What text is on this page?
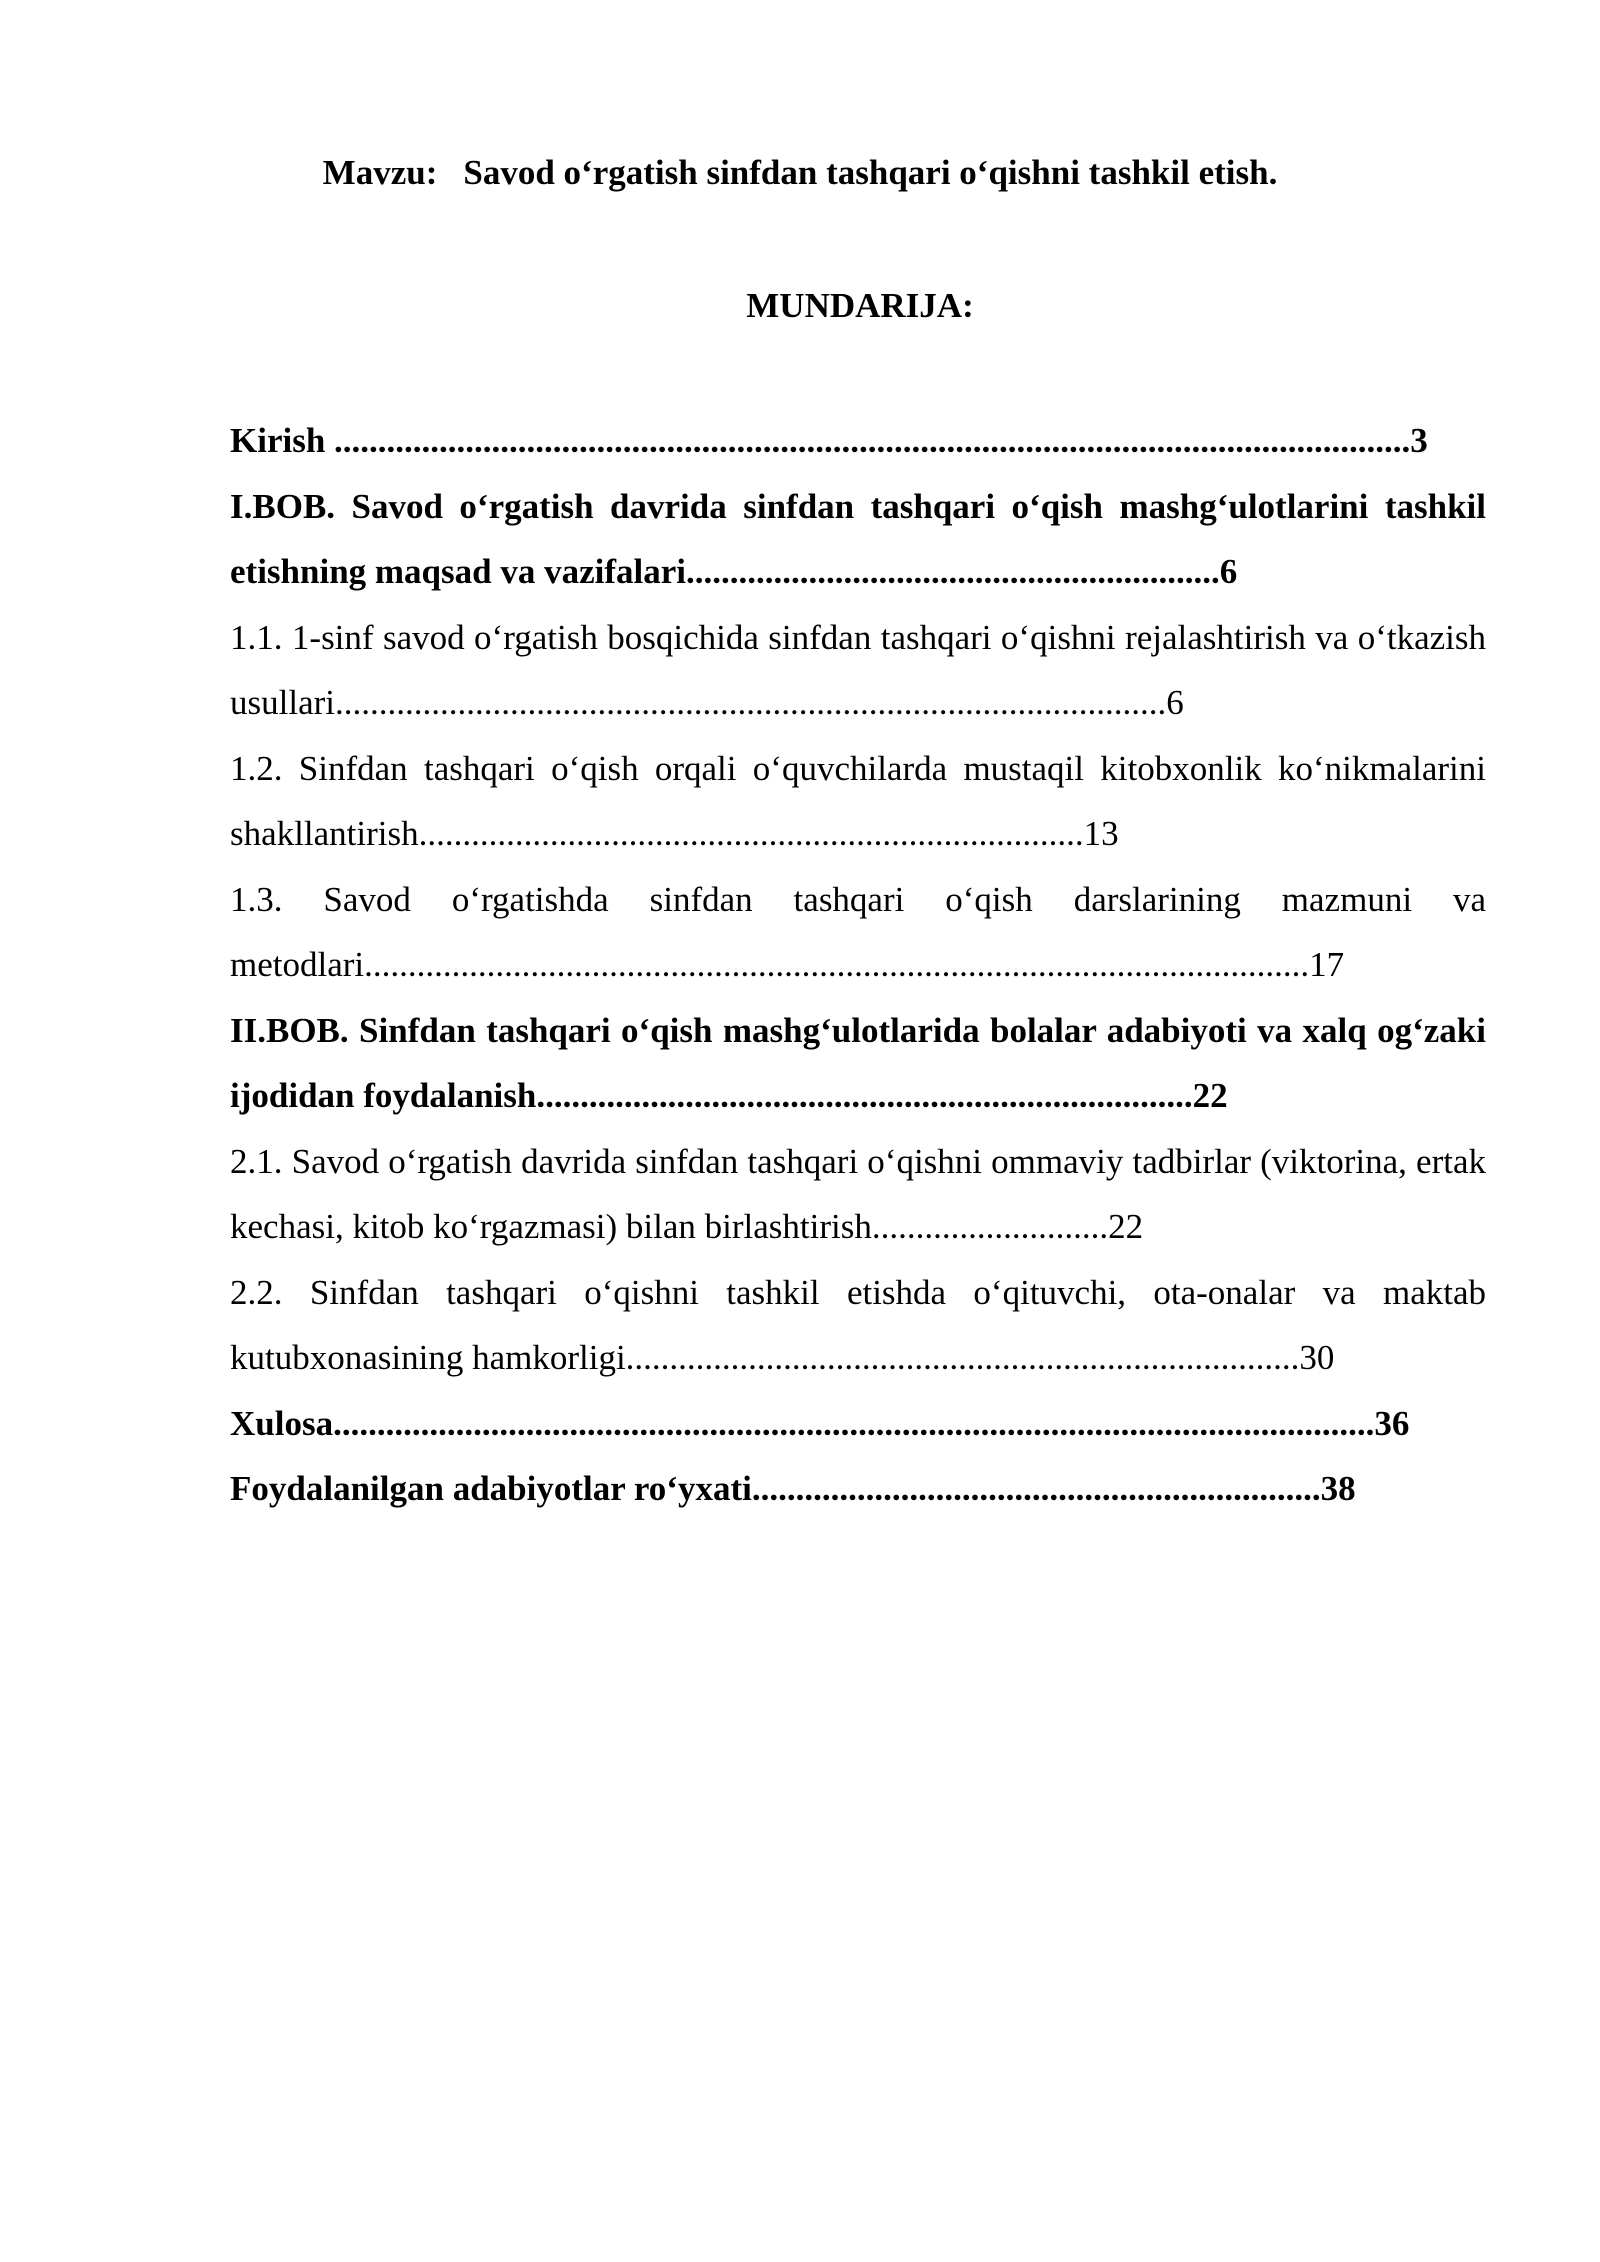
Mavzu: Savod o‘rgatish sinfdan tashqari o‘qishni tashkil etish.
MUNDARIJA:
Kirish ...........................................................................................................................3
I.BOB. Savod o‘rgatish davrida sinfdan tashqari o‘qish mashg‘ulotlarini tashkil etishning maqsad va vazifalari.............................................................6
1.1. 1-sinf savod o‘rgatish bosqichida sinfdan tashqari o‘qishni rejalashtirish va o‘tkazish usullari...............................................................................................6
1.2. Sinfdan tashqari o‘qish orqali o‘quvchilarda mustaqil kitobxonlik ko‘nikmalarini shakllantirish............................................................................13
1.3. Savod o‘rgatishda sinfdan tashqari o‘qish darslarining mazmuni va metodlari............................................................................................................17
II.BOB. Sinfdan tashqari o‘qish mashg‘ulotlarida bolalar adabiyoti va xalq og‘zaki ijodidan foydalanish...........................................................................22
2.1. Savod o‘rgatish davrida sinfdan tashqari o‘qishni ommaviy tadbirlar (viktorina, ertak kechasi, kitob ko‘rgazmasi) bilan birlashtirish...........................22
2.2. Sinfdan tashqari o‘qishni tashkil etishda o‘qituvchi, ota-onalar va maktab kutubxonasining hamkorligi.............................................................................30
Xulosa.......................................................................................................................36
Foydalanilgan adabiyotlar ro‘yxati.................................................................38
